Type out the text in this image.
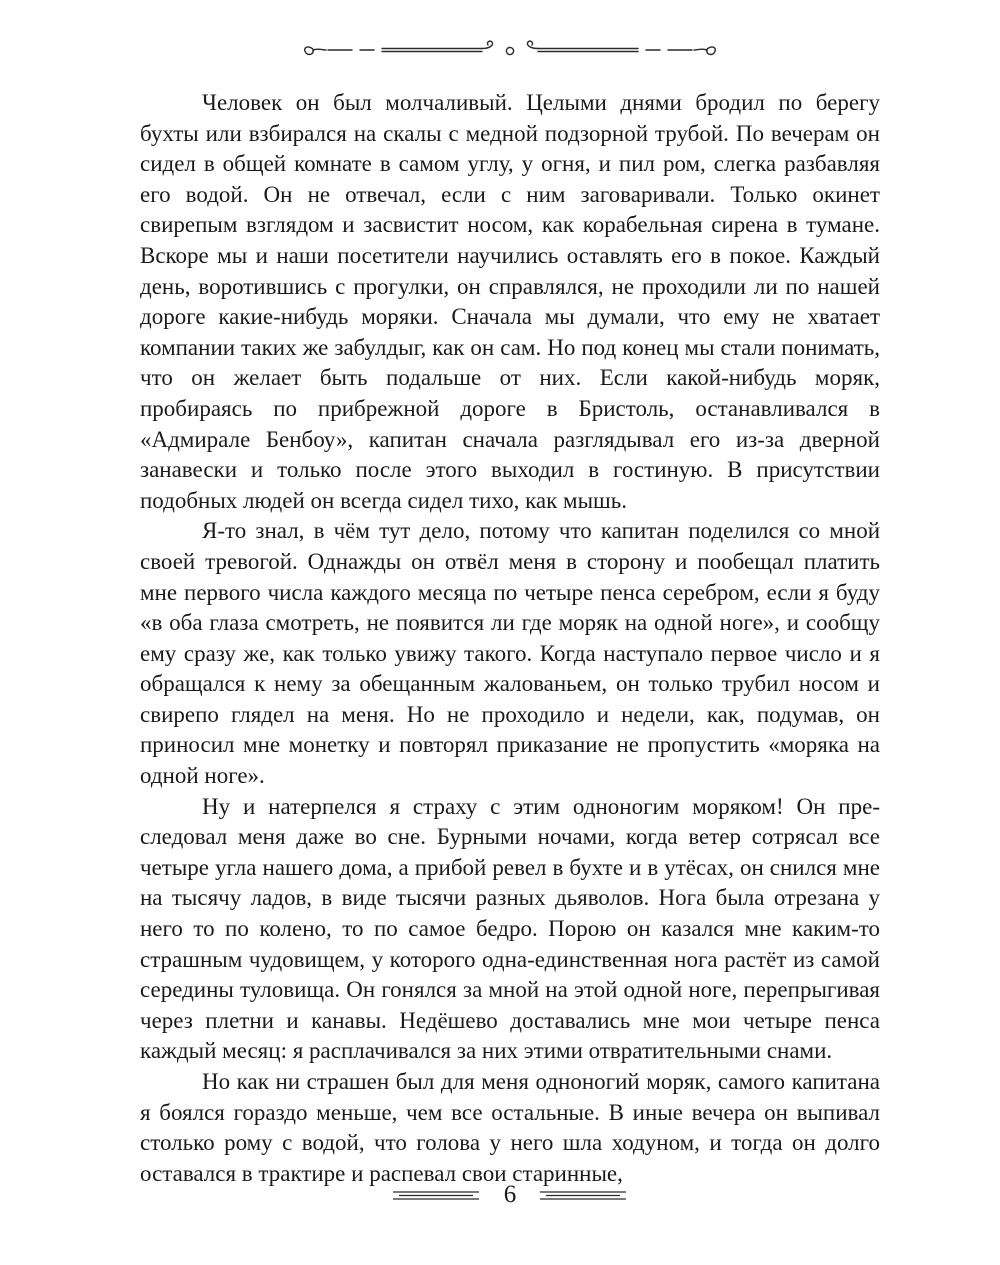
Человек он был молчаливый. Целыми днями бродил по берегу бухты или взбирался на скалы с медной подзорной трубой. По вечерам он сидел в общей комнате в самом углу, у огня, и пил ром, слегка разбавляя его водой. Он не отвечал, если с ним заговаривали. Только окинет свирепым взглядом и засвистит носом, как корабельная сирена в тумане. Вскоре мы и наши посетители научились оставлять его в покое. Каждый день, воротившись с прогулки, он справлялся, не проходили ли по нашей дороге какие-нибудь моряки. Сначала мы думали, что ему не хватает компании таких же забулдыг, как он сам. Но под конец мы стали понимать, что он желает быть подальше от них. Если какой-нибудь моряк, пробираясь по прибрежной дороге в Бристоль, останавливался в «Адмирале Бенбоу», капитан сначала разглядывал его из-за дверной занавески и только после этого выходил в гостиную. В присутствии подобных людей он всегда сидел тихо, как мышь.

Я-то знал, в чём тут дело, потому что капитан поделился со мной своей тревогой. Однажды он отвёл меня в сторону и пообещал платить мне первого числа каждого месяца по четыре пенса серебром, если я буду «в оба глаза смотреть, не появится ли где моряк на одной ноге», и сообщу ему сразу же, как только увижу такого. Когда наступало первое число и я обращался к нему за обещанным жалованьем, он только трубил носом и свирепо глядел на меня. Но не проходило и недели, как, подумав, он приносил мне монетку и повторял приказание не пропустить «моряка на одной ноге».

Ну и натерпелся я страху с этим одноногим моряком! Он преследовал меня даже во сне. Бурными ночами, когда ветер сотрясал все четыре угла нашего дома, а прибой ревел в бухте и в утёсах, он снился мне на тысячу ладов, в виде тысячи разных дьяволов. Нога была отрезана у него то по колено, то по самое бедро. Порою он казался мне каким-то страшным чудовищем, у которого одна-единственная нога растёт из самой середины туловища. Он гонялся за мной на этой одной ноге, перепрыгивая через плетни и канавы. Недёшево доставались мне мои четыре пенса каждый месяц: я расплачивался за них этими отвратительными снами.

Но как ни страшен был для меня одноногий моряк, самого капитана я боялся гораздо меньше, чем все остальные. В иные вечера он выпивал столько рому с водой, что голова у него шла ходуном, и тогда он долго оставался в трактире и распевал свои старинные,

6
